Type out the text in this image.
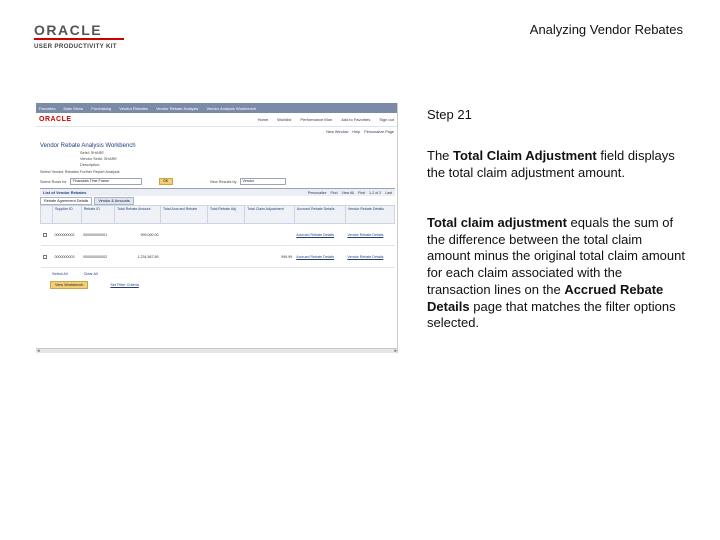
ORACLE
USER PRODUCTIVITY KIT
Analyzing Vendor Rebates
Favorites Main Menu Purchasing Vendor Rebates Vendor Rebate Analysis Vendor Analysis Workbench
ORACLE	Home Worklist Performance Mon Add to Favorites Sign out
New Window Help Personalize Page
Vendor Rebate Analysis Workbench
Setid: SHARE
Vendor Setid: SHARE
Description:
Select Vendor Rebates Further Report Analysis
Select Rows for	Financials Time Frame	OK	View Results by	Vendor
List of Vendor Rebates	Personalize Find View All First 1-2 of 2 Last
Rebate Agreement Details	Vendor & Amounts
	Supplier ID	Rebate ID	Total Rebate Amount	Total Accrued Rebate	Total Rebate Adj	Total Claim Adjustment	Accrued Rebate Details	Vendor Rebate Details
	0000000002	000000000001	999,000.00				Accrued Rebate Details	Vendor Rebate Details
	0000000003	000000000002	1,234,567.89			999.99	Accrued Rebate Details	Vendor Rebate Details
Select All	Clear All
View Workbench	Set Filter Criteria
◂	▸
Step 21
The Total Claim Adjustment field displays the total claim adjustment amount.
Total claim adjustment equals the sum of the difference between the total claim amount minus the original total claim amount for each claim associated with the transaction lines on the Accrued Rebate Details page that matches the filter options selected.
